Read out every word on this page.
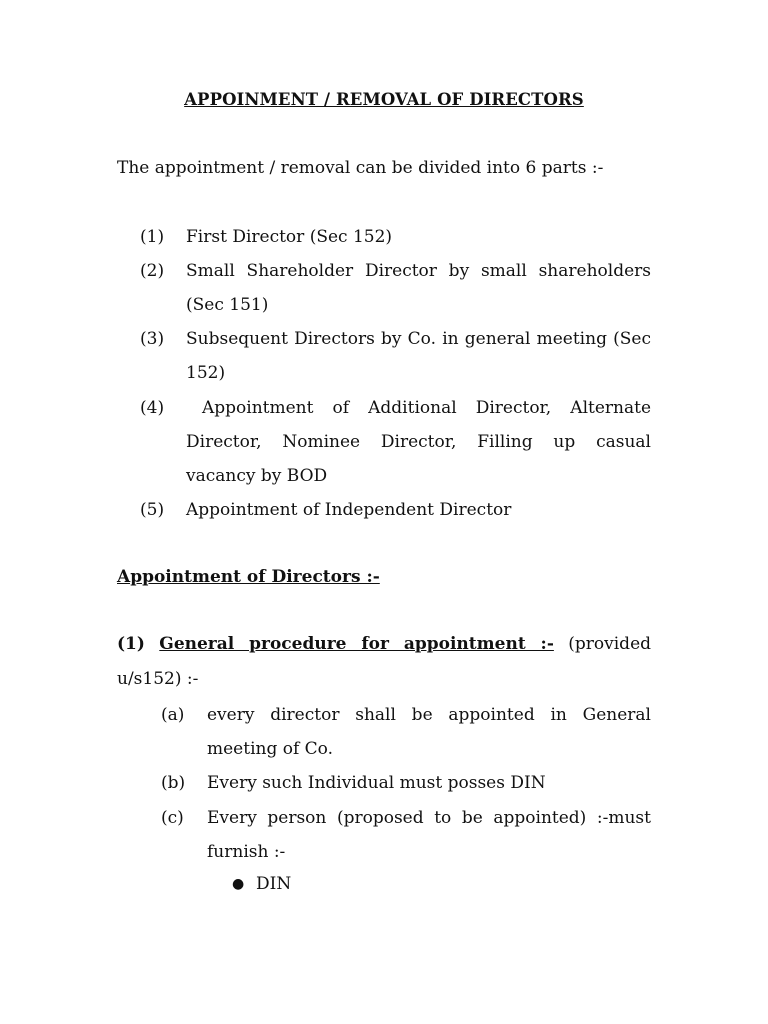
APPOINMENT / REMOVAL OF DIRECTORS
The appointment / removal can be divided into 6 parts :-
(1) First Director (Sec 152)
(2) Small Shareholder Director by small shareholders
(Sec 151)
(3) Subsequent Directors by Co. in general meeting (Sec
152)
(4) Appointment of Additional Director, Alternate
Director, Nominee Director, Filling up casual
vacancy by BOD
(5) Appointment of Independent Director
Appointment of Directors :-
(1) General procedure for appointment :- (provided
u/s152) :-
(a) every director shall be appointed in General
meeting of Co.
(b) Every such Individual must posses DIN
(c) Every person (proposed to be appointed) :-must
furnish :-
● DIN
